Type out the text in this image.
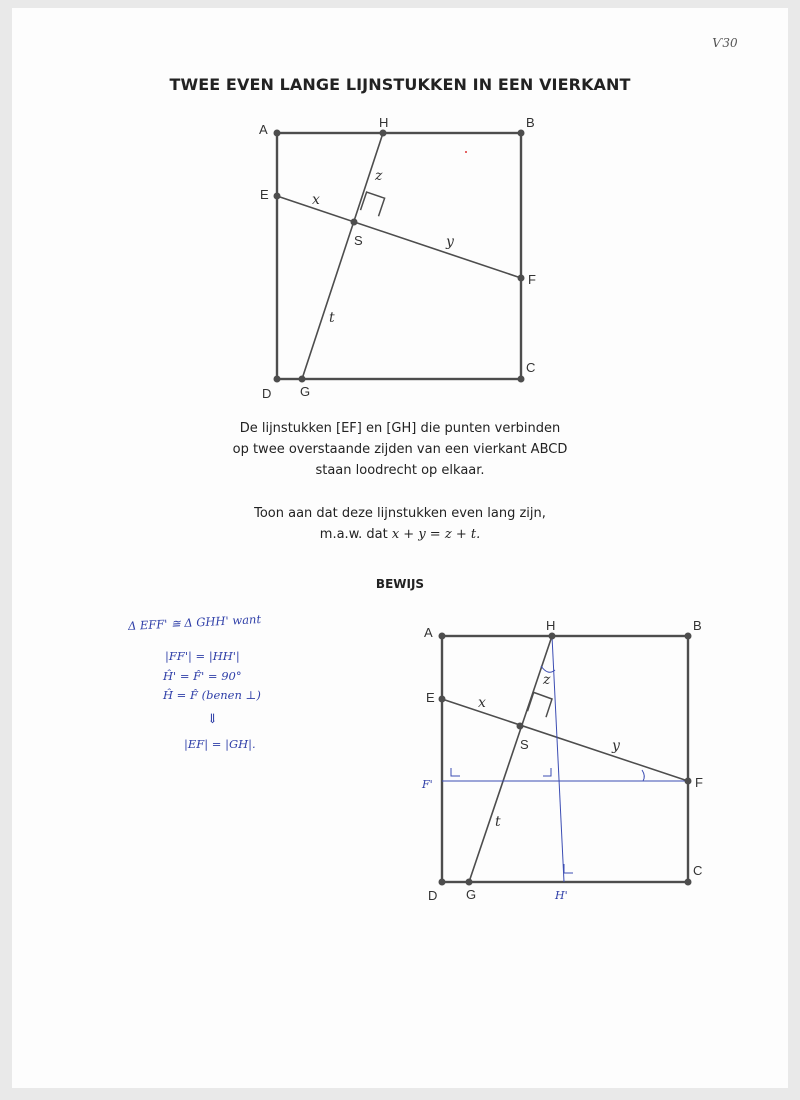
Ѵ30
TWEE EVEN LANGE LIJNSTUKKEN IN EEN VIERKANT
A	H	B
E
S
F
D G
C
x
y
z
t
De lijnstukken [EF] en [GH] die punten verbinden
op twee overstaande zijden van een vierkant ABCD
staan loodrecht op elkaar.
Toon aan dat deze lijnstukken even lang zijn,
m.a.w. dat x + y = z + t.
BEWIJS
Δ EFF' ≅ Δ GHH' want
|FF'| = |HH'|
Ĥ' = F̂' = 90°
Ĥ = F̂ (benen ⊥)
⇓
|EF| = |GH|.
A	H	B
E
S
F
D G
C
x
y
z
t
F'
H'
